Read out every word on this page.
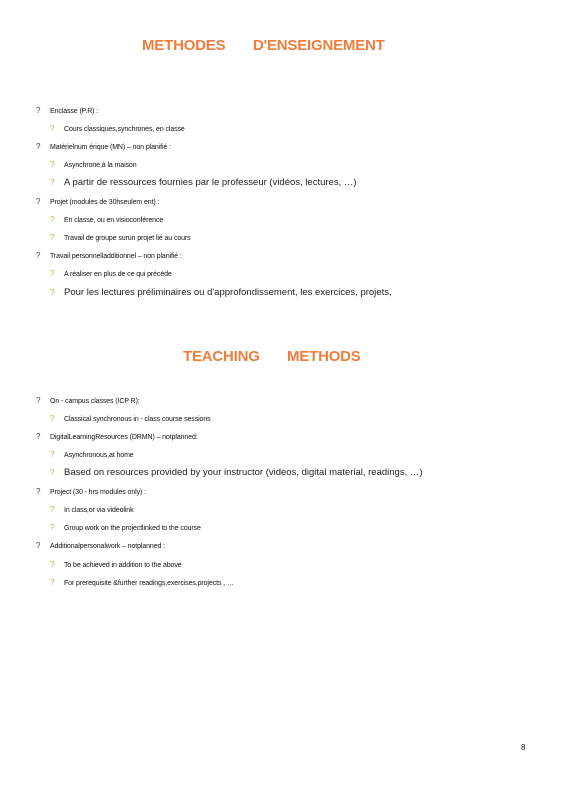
METHODES D'ENSEIGNEMENT
? Enclasse (P.R) :
? Cours classiques,synchrones, en classe
? Matérielnum érique (MN) – non planifié :
? Asynchrone,à la maison
? A partir de ressources fournies par le professeur (vidéos, lectures, …)
? Projet (modules de 30hseulem ent) :
? En classe, ou en visioconférence
? Travail de groupe surun projet lié au cours
? Travail personnelladditionnel – non planifié :
? A réaliser en plus de ce qui précède
? Pour les lectures préliminaires ou d'approfondissement, les exercices, projets,
TEACHING METHODS
? On - campus classes (ICP R):
? Classical synchronous in - class course sessions
? DigitalLearningResources (DRMN) – notplanned:
? Asynchronous,at home
? Based on resources provided by your instructor (videos, digital material, readings, …)
? Project (30 - hrs modules only) :
? In class,or via videolink
? Group work on the projectlinked to the course
? Additionalpersonalwork – notplanned :
? To be achieved in addition to the above
? For prerequisite &further readings,exercises,projects , …
8
